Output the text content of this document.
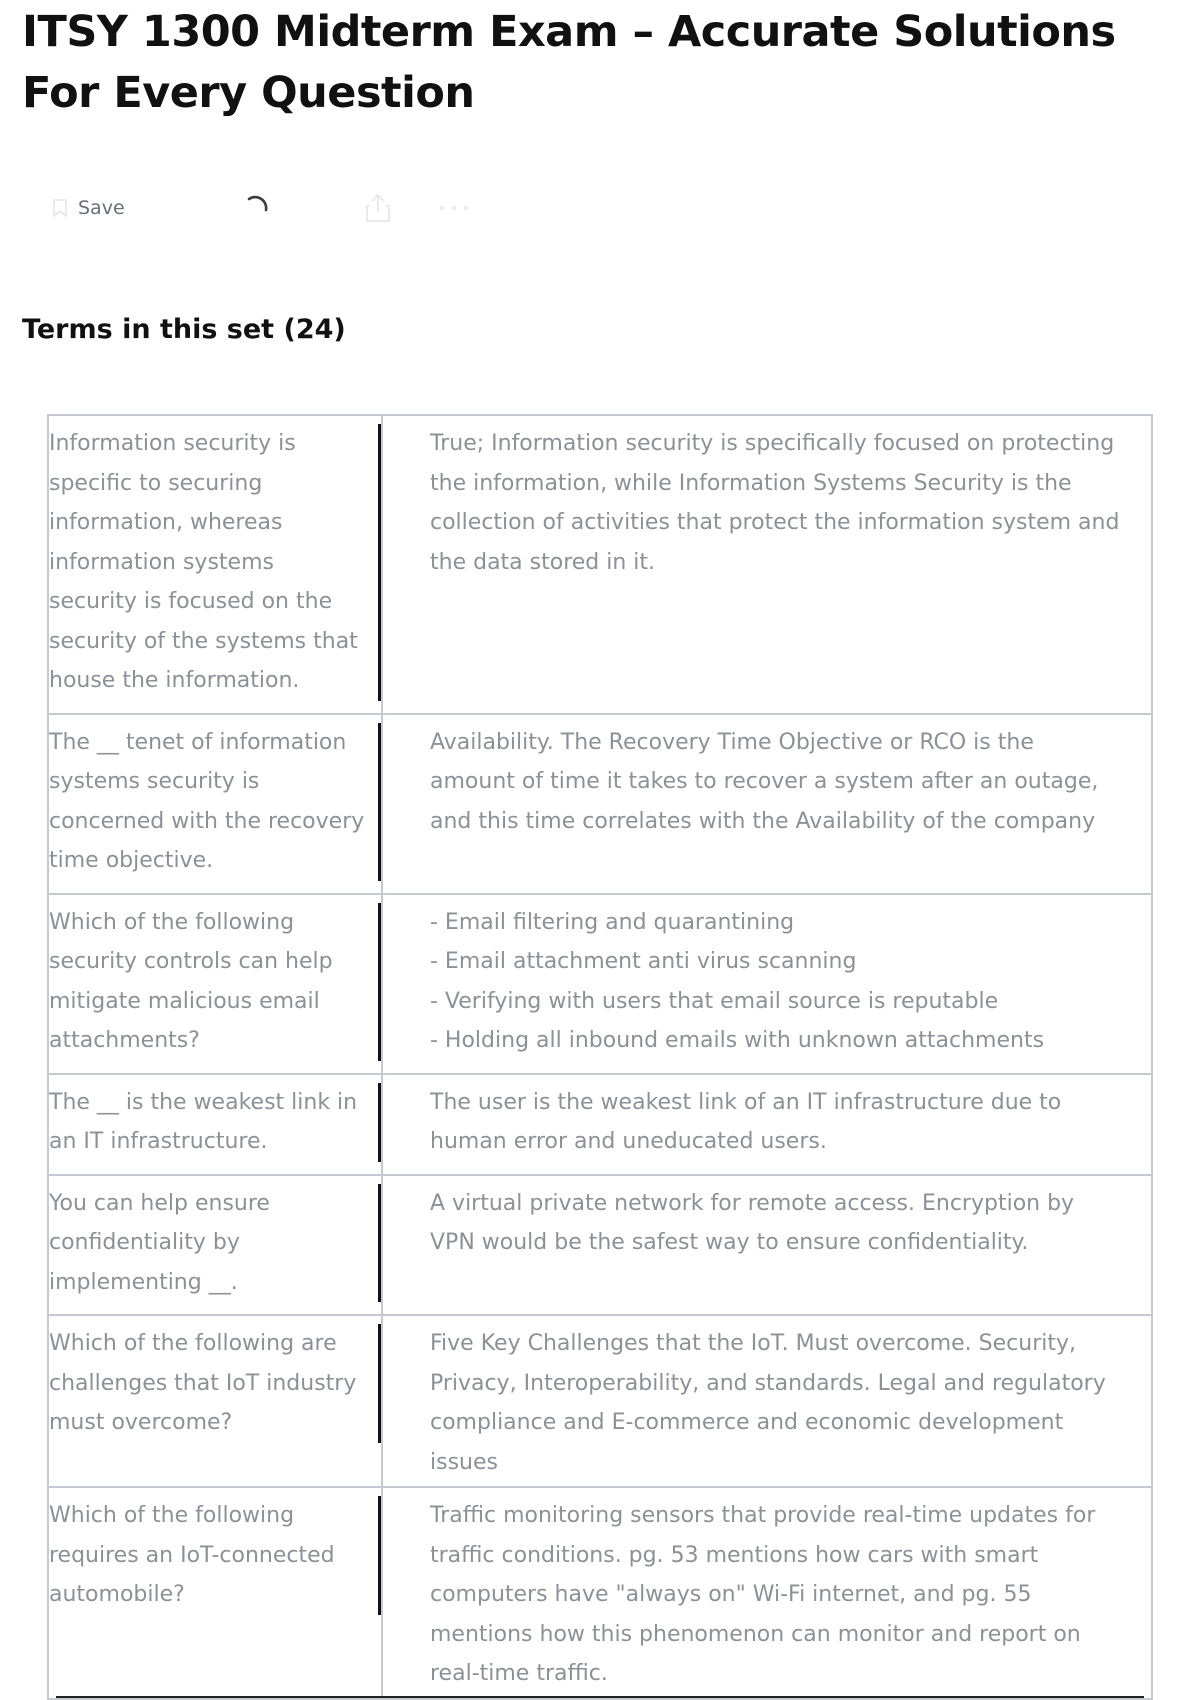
ITSY 1300 Midterm Exam – Accurate Solutions For Every Question
Save
Terms in this set (24)
Information security is specific to securing information, whereas information systems security is focused on the security of the systems that house the information.	True; Information security is specifically focused on protecting the information, while Information Systems Security is the collection of activities that protect the information system and the data stored in it.

The __ tenet of information systems security is concerned with the recovery time objective.	Availability. The Recovery Time Objective or RCO is the amount of time it takes to recover a system after an outage, and this time correlates with the Availability of the company

Which of the following security controls can help mitigate malicious email attachments?	- Email filtering and quarantining
- Email attachment anti virus scanning
- Verifying with users that email source is reputable
- Holding all inbound emails with unknown attachments

The __ is the weakest link in an IT infrastructure.	The user is the weakest link of an IT infrastructure due to human error and uneducated users.

You can help ensure confidentiality by implementing __.	A virtual private network for remote access. Encryption by VPN would be the safest way to ensure confidentiality.

Which of the following are challenges that IoT industry must overcome?	Five Key Challenges that the IoT. Must overcome. Security, Privacy, Interoperability, and standards. Legal and regulatory compliance and E-commerce and economic development issues

Which of the following requires an IoT-connected automobile?	Traffic monitoring sensors that provide real-time updates for traffic conditions. pg. 53 mentions how cars with smart computers have "always on" Wi-Fi internet, and pg. 55 mentions how this phenomenon can monitor and report on real-time traffic.
